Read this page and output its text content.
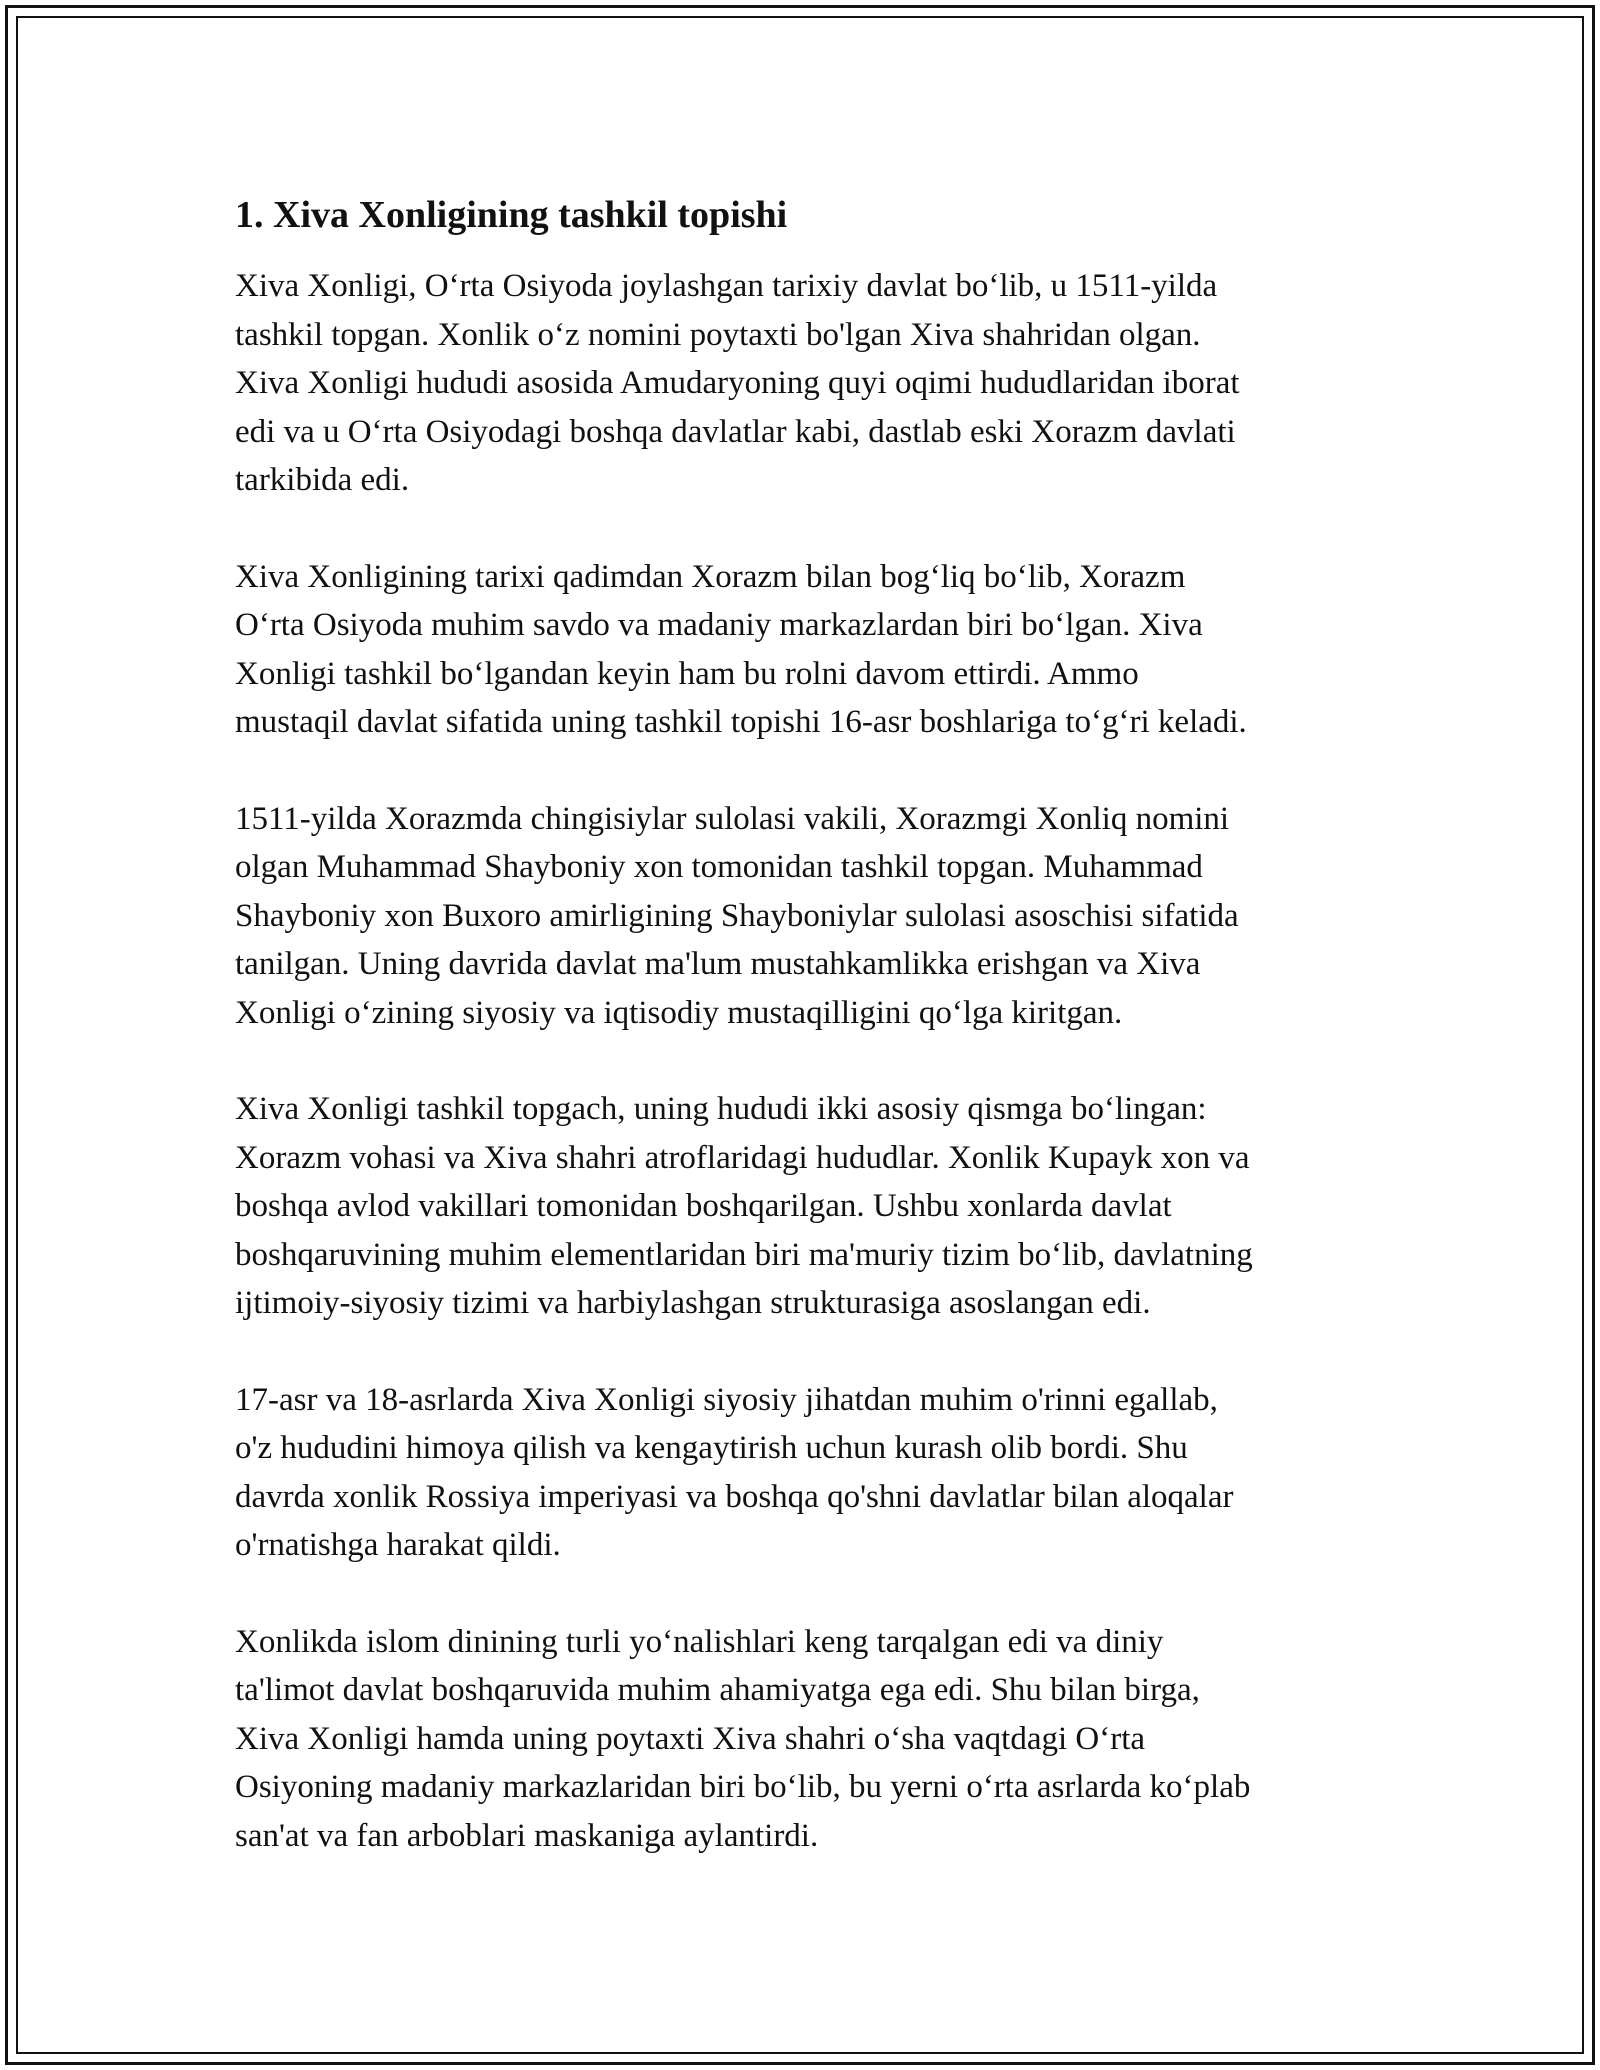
1. Xiva Xonligining tashkil topishi

Xiva Xonligi, O‘rta Osiyoda joylashgan tarixiy davlat bo‘lib, u 1511-yilda
tashkil topgan. Xonlik o‘z nomini poytaxti bo'lgan Xiva shahridan olgan.
Xiva Xonligi hududi asosida Amudaryoning quyi oqimi hududlaridan iborat
edi va u O‘rta Osiyodagi boshqa davlatlar kabi, dastlab eski Xorazm davlati
tarkibida edi.

Xiva Xonligining tarixi qadimdan Xorazm bilan bog‘liq bo‘lib, Xorazm
O‘rta Osiyoda muhim savdo va madaniy markazlardan biri bo‘lgan. Xiva
Xonligi tashkil bo‘lgandan keyin ham bu rolni davom ettirdi. Ammo
mustaqil davlat sifatida uning tashkil topishi 16-asr boshlariga to‘g‘ri keladi.

1511-yilda Xorazmda chingisiylar sulolasi vakili, Xorazmgi Xonliq nomini
olgan Muhammad Shayboniy xon tomonidan tashkil topgan. Muhammad
Shayboniy xon Buxoro amirligining Shayboniylar sulolasi asoschisi sifatida
tanilgan. Uning davrida davlat ma'lum mustahkamlikka erishgan va Xiva
Xonligi o‘zining siyosiy va iqtisodiy mustaqilligini qo‘lga kiritgan.

Xiva Xonligi tashkil topgach, uning hududi ikki asosiy qismga bo‘lingan:
Xorazm vohasi va Xiva shahri atroflaridagi hududlar. Xonlik Kupayk xon va
boshqa avlod vakillari tomonidan boshqarilgan. Ushbu xonlarda davlat
boshqaruvining muhim elementlaridan biri ma'muriy tizim bo‘lib, davlatning
ijtimoiy-siyosiy tizimi va harbiylashgan strukturasiga asoslangan edi.

17-asr va 18-asrlarda Xiva Xonligi siyosiy jihatdan muhim o'rinni egallab,
o'z hududini himoya qilish va kengaytirish uchun kurash olib bordi. Shu
davrda xonlik Rossiya imperiyasi va boshqa qo'shni davlatlar bilan aloqalar
o'rnatishga harakat qildi.

Xonlikda islom dinining turli yo‘nalishlari keng tarqalgan edi va diniy
ta'limot davlat boshqaruvida muhim ahamiyatga ega edi. Shu bilan birga,
Xiva Xonligi hamda uning poytaxti Xiva shahri o‘sha vaqtdagi O‘rta
Osiyoning madaniy markazlaridan biri bo‘lib, bu yerni o‘rta asrlarda ko‘plab
san'at va fan arboblari maskaniga aylantirdi.
